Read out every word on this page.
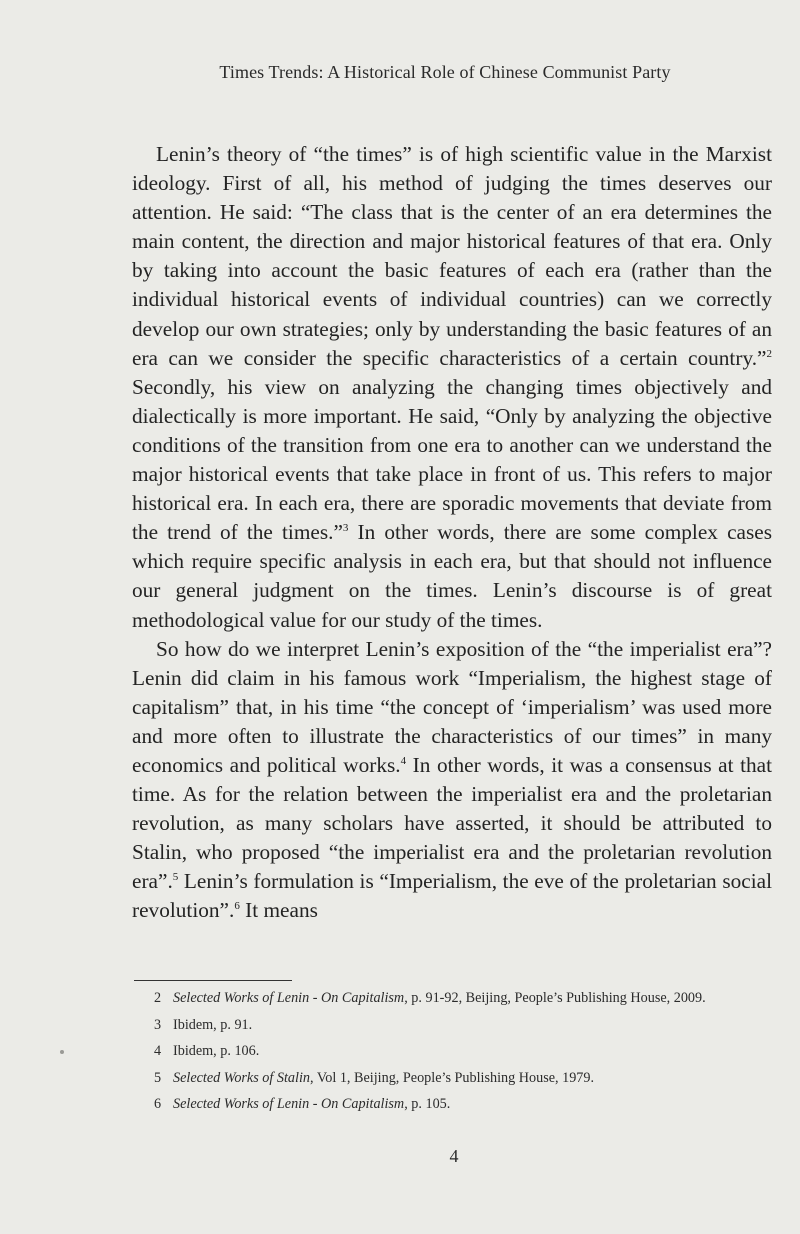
Times Trends: A Historical Role of Chinese Communist Party

Lenin’s theory of “the times” is of high scientific value in the Marxist ideology. First of all, his method of judging the times deserves our attention. He said: “The class that is the center of an era determines the main content, the direction and major historical features of that era. Only by taking into account the basic features of each era (rather than the individual historical events of individual countries) can we correctly develop our own strategies; only by understanding the basic features of an era can we consider the specific characteristics of a certain country.”$^2$ Secondly, his view on analyzing the changing times objectively and dialectically is more important. He said, “Only by analyzing the objective conditions of the transition from one era to another can we understand the major historical events that take place in front of us. This refers to major historical era. In each era, there are sporadic movements that deviate from the trend of the times.”$^3$ In other words, there are some complex cases which require specific analysis in each era, but that should not influence our general judgment on the times. Lenin’s discourse is of great methodological value for our study of the times.

So how do we interpret Lenin’s exposition of the “the imperialist era”? Lenin did claim in his famous work “Imperialism, the highest stage of capitalism” that, in his time “the concept of ‘imperialism’ was used more and more often to illustrate the characteristics of our times” in many economics and political works.$^4$ In other words, it was a consensus at that time. As for the relation between the imperialist era and the proletarian revolution, as many scholars have asserted, it should be attributed to Stalin, who proposed “the imperialist era and the proletarian revolution era”.$^5$ Lenin’s formulation is “Imperialism, the eve of the proletarian social revolution”.$^6$ It means

2 Selected Works of Lenin - On Capitalism, p. 91-92, Beijing, People’s Publishing House, 2009.
3 Ibidem, p. 91.
4 Ibidem, p. 106.
5 Selected Works of Stalin, Vol 1, Beijing, People’s Publishing House, 1979.
6 Selected Works of Lenin - On Capitalism, p. 105.
4
